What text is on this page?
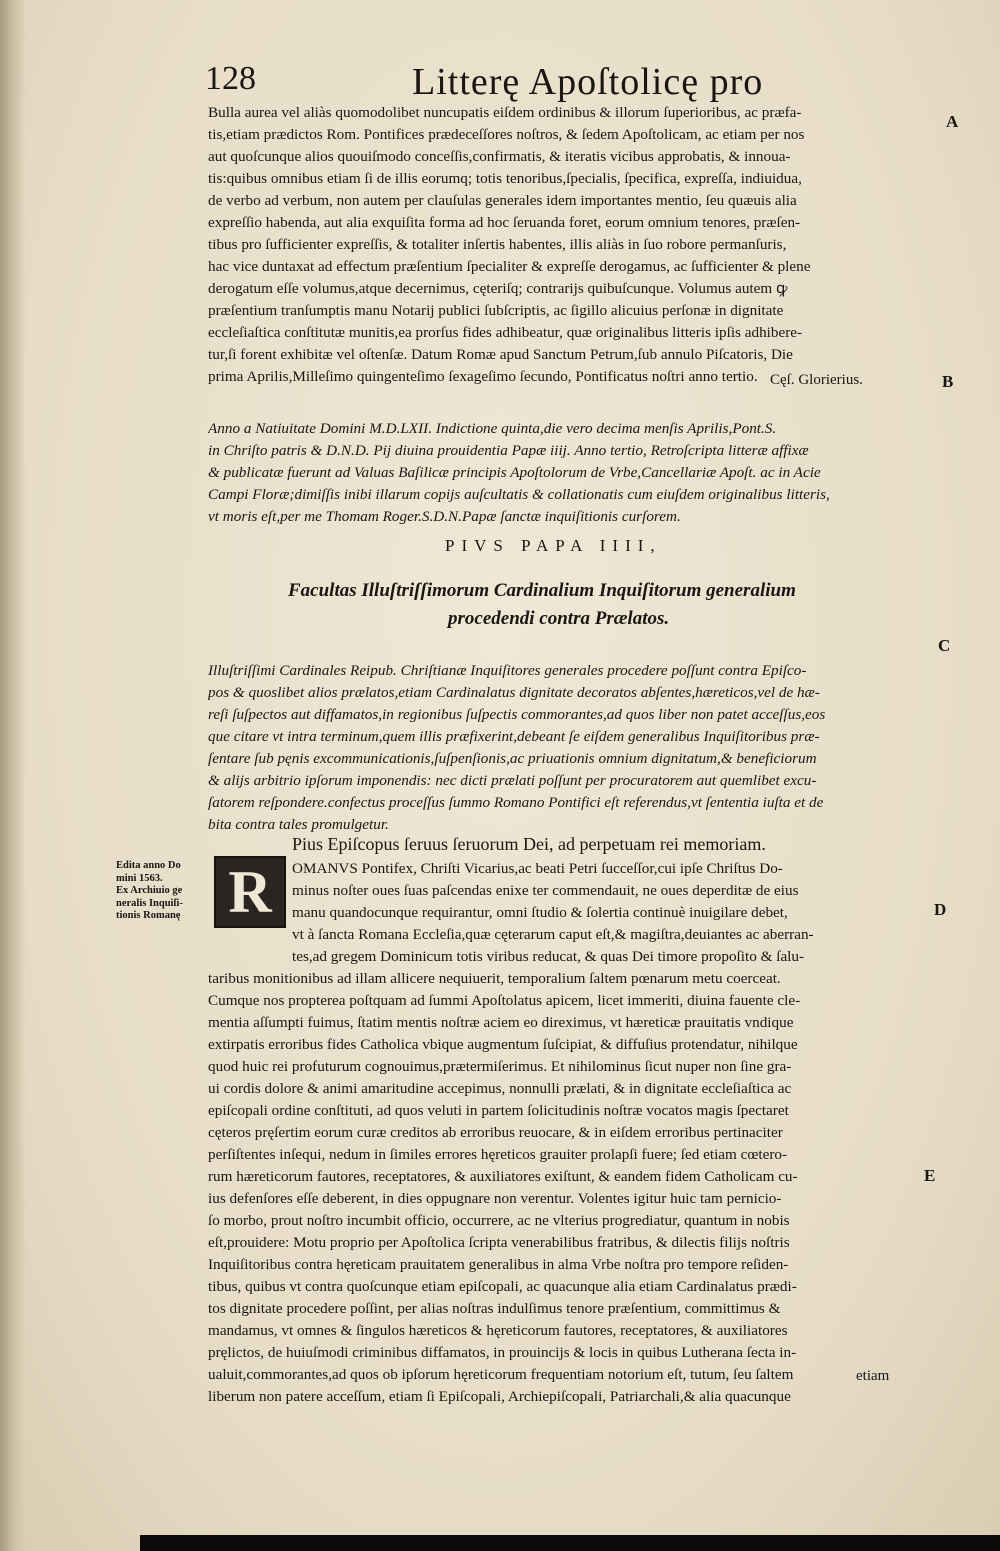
128	Litterę Apoſtolicę pro
A
B
C
D
E
Bulla aurea vel aliàs quomodolibet nuncupatis eiſdem ordinibus & illorum ſuperioribus, ac præfa-
tis,etiam prædictos Rom. Pontifices prædeceſſores noſtros, & ſedem Apoſtolicam, ac etiam per nos
aut quoſcunque alios quouiſmodo conceſſis,confirmatis, & iteratis vicibus approbatis, & innoua-
tis:quibus omnibus etiam ſi de illis eorumq; totis tenoribus,ſpecialis, ſpecifica, expreſſa, indiuidua,
de verbo ad verbum, non autem per clauſulas generales idem importantes mentio, ſeu quæuis alia
expreſſio habenda, aut alia exquiſita forma ad hoc ſeruanda foret, eorum omnium tenores, præſen-
tibus pro ſufficienter expreſſis, & totaliter inſertis habentes, illis aliàs in ſuo robore permanſuris,
hac vice duntaxat ad effectum præſentium ſpecialiter & expreſſe derogamus, ac ſufficienter & plene
derogatum eſſe volumus,atque decernimus, cęteriſq; contrarijs quibuſcunque. Volumus autem ꝙ
præſentium tranſumptis manu Notarij publici ſubſcriptis, ac ſigillo alicuius perſonæ in dignitate
eccleſiaſtica conſtitutæ munitis,ea prorſus fides adhibeatur, quæ originalibus litteris ipſis adhibere-
tur,ſi forent exhibitæ vel oſtenſæ. Datum Romæ apud Sanctum Petrum,ſub annulo Piſcatoris, Die
prima Aprilis,Milleſimo quingenteſimo ſexageſimo ſecundo, Pontificatus noſtri anno tertio. Cęſ. Glorierius.
Anno a Natiuitate Domini M.D.LXII. Indictione quinta,die vero decima menſis Aprilis,Pont.S.
in Chriſto patris & D.N.D. Pij diuina prouidentia Papæ iiij. Anno tertio, Retroſcripta litteræ affixæ
& publicatæ fuerunt ad Valuas Baſilicæ principis Apoſtolorum de Vrbe,Cancellariæ Apoſt. ac in Acie
Campi Floræ;dimiſſis inibi illarum copijs auſcultatis & collationatis cum eiuſdem originalibus litteris,
vt moris eſt,per me Thomam Roger.S.D.N.Papæ ſanctæ inquiſitionis curſorem.
PIVS PAPA IIII,
Facultas Illuſtriſſimorum Cardinalium Inquiſitorum generalium
procedendi contra Prælatos.
Illuſtriſſimi Cardinales Reipub. Chriſtianæ Inquiſitores generales procedere poſſunt contra Epiſco-
pos & quoslibet alios prælatos,etiam Cardinalatus dignitate decoratos abſentes,hæreticos,vel de hæ-
reſi ſuſpectos aut diffamatos,in regionibus ſuſpectis commorantes,ad quos liber non patet acceſſus,eos
que citare vt intra terminum,quem illis præfixerint,debeant ſe eiſdem generalibus Inquiſitoribus præ-
ſentare ſub pęnis excommunicationis,ſuſpenſionis,ac priuationis omnium dignitatum,& beneficiorum
& alijs arbitrio ipſorum imponendis: nec dicti prælati poſſunt per procuratorem aut quemlibet excu-
ſatorem reſpondere.confectus proceſſus ſummo Romano Pontifici eſt referendus,vt ſententia iuſta et de
bita contra tales promulgetur.
Edita anno Do
mini 1563.
Ex Archiuio ge
neralis Inquiſi-
tionis Romanę
Pius Epiſcopus ſeruus ſeruorum Dei, ad perpetuam rei memoriam.
R	OMANVS Pontifex, Chriſti Vicarius,ac beati Petri ſucceſſor,cui ipſe Chriſtus Do-
minus noſter oues ſuas paſcendas enixe ter commendauit, ne oues deperditæ de eius
manu quandocunque requirantur, omni ſtudio & ſolertia continuè inuigilare debet,
vt à ſancta Romana Eccleſia,quæ cęterarum caput eſt,& magiſtra,deuiantes ac aberran-
tes,ad gregem Dominicum totis viribus reducat, & quas Dei timore propoſito & ſalu-
taribus monitionibus ad illam allicere nequiuerit, temporalium ſaltem pœnarum metu coerceat.
Cumque nos propterea poſtquam ad ſummi Apoſtolatus apicem, licet immeriti, diuina fauente cle-
mentia aſſumpti fuimus, ſtatim mentis noſtræ aciem eo direximus, vt hæreticæ prauitatis vndique
extirpatis erroribus fides Catholica vbique augmentum ſuſcipiat, & diffuſius protendatur, nihilque
quod huic rei profuturum cognouimus,prætermiſerimus. Et nihilominus ſicut nuper non ſine gra-
ui cordis dolore & animi amaritudine accepimus, nonnulli prælati, & in dignitate eccleſiaſtica ac
epiſcopali ordine conſtituti, ad quos veluti in partem ſolicitudinis noſtræ vocatos magis ſpectaret
cęteros pręſertim eorum curæ creditos ab erroribus reuocare, & in eiſdem erroribus pertinaciter
perſiſtentes inſequi, nedum in ſimiles errores hęreticos grauiter prolapſi fuere; ſed etiam cœtero-
rum hæreticorum fautores, receptatores, & auxiliatores exiſtunt, & eandem fidem Catholicam cu-
ius defenſores eſſe deberent, in dies oppugnare non verentur. Volentes igitur huic tam pernicio-
ſo morbo, prout noſtro incumbit officio, occurrere, ac ne vlterius progrediatur, quantum in nobis
eſt,prouidere: Motu proprio per Apoſtolica ſcripta venerabilibus fratribus, & dilectis filijs noſtris
Inquiſitoribus contra hęreticam prauitatem generalibus in alma Vrbe noſtra pro tempore reſiden-
tibus, quibus vt contra quoſcunque etiam epiſcopali, ac quacunque alia etiam Cardinalatus prædi-
tos dignitate procedere poſſint, per alias noſtras indulſimus tenore præſentium, committimus &
mandamus, vt omnes & ſingulos hæreticos & hęreticorum fautores, receptatores, & auxiliatores
pręlictos, de huiuſmodi criminibus diffamatos, in prouincijs & locis in quibus Lutherana ſecta in-
ualuit,commorantes,ad quos ob ipſorum hęreticorum frequentiam notorium eſt, tutum, ſeu ſaltem
liberum non patere acceſſum, etiam ſi Epiſcopali, Archiepiſcopali, Patriarchali,& alia quacunque
etiam
